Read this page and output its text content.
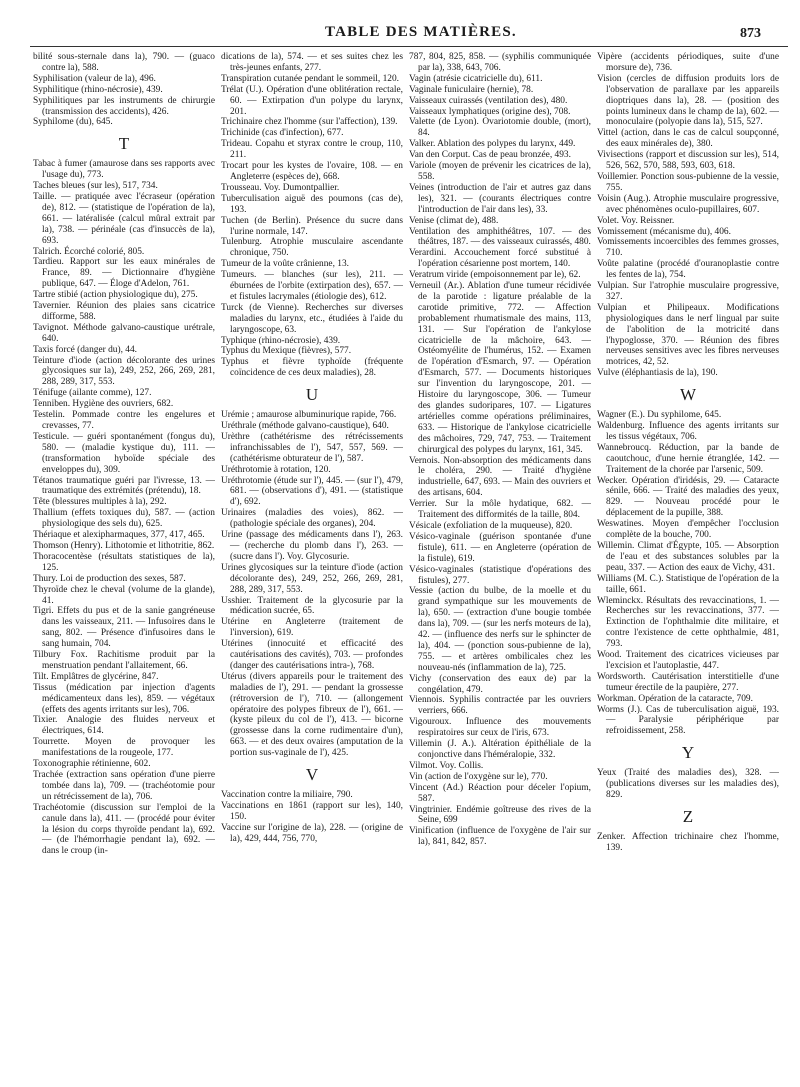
TABLE DES MATIÈRES.	873
bilité sous-sternale dans la), 790. — (guaco contre la), 588.
Syphilisation (valeur de la), 496.
Syphilitique (rhino-nécrosie), 439.
Syphilitiques par les instruments de chirurgie (transmission des accidents), 426.
Syphilome (du), 645.
T
Tabac à fumer (amaurose dans ses rapports avec l'usage du), 773.
Taches bleues (sur les), 517, 734.
Taille. — pratiquée avec l'écraseur (opération de), 812. — (statistique de l'opération de la), 661. — latéralisée (calcul mûral extrait par la), 738. — périnéale (cas d'insuccès de la), 693.
Talrich. Écorché colorié, 805.
Tardieu. Rapport sur les eaux minérales de France, 89. — Dictionnaire d'hygiène publique, 647. — Éloge d'Adelon, 761.
Tartre stibié (action physiologique du), 275.
Tavernier. Réunion des plaies sans cicatrice difforme, 588.
Tavignot. Méthode galvano-caustique urétrale, 640.
Taxis forcé (danger du), 44.
Teinture d'iode (action décolorante des urines glycosiques sur la), 249, 252, 266, 269, 281, 288, 289, 317, 553.
Ténifuge (ailante comme), 127.
Tenniben. Hygiène des ouvriers, 682.
Testelin. Pommade contre les engelures et crevasses, 77.
Testicule. — guéri spontanément (fongus du), 580. — (maladie kystique du), 111. — (transformation hyboïde spéciale des enveloppes du), 309.
Tétanos traumatique guéri par l'ivresse, 13. — traumatique des extrémités (prétendu), 18.
Tête (blessures multiples à la), 292.
Thallium (effets toxiques du), 587. — (action physiologique des sels du), 625.
Thériaque et alexipharmaques, 377, 417, 465.
Thomson (Henry). Lithotomie et lithotritie, 862.
Thoracocentèse (résultats statistiques de la), 125.
Thury. Loi de production des sexes, 587.
Thyroïde chez le cheval (volume de la glande), 41.
Tigri. Effets du pus et de la sanie gangréneuse dans les vaisseaux, 211. — Infusoires dans le sang, 802. — Présence d'infusoires dans le sang humain, 704.
Tilbury Fox. Rachitisme produit par la menstruation pendant l'allaitement, 66.
Tilt. Emplâtres de glycérine, 847.
Tissus (médication par injection d'agents médicamenteux dans les), 859. — végétaux (effets des agents irritants sur les), 706.
Tixier. Analogie des fluides nerveux et électriques, 614.
Tourrette. Moyen de provoquer les manifestations de la rougeole, 177.
Toxonographie rétinienne, 602.
Trachée (extraction sans opération d'une pierre tombée dans la), 709. — (trachéotomie pour un rétrécissement de la), 706.
Trachéotomie (discussion sur l'emploi de la canule dans la), 411. — (procédé pour éviter la lésion du corps thyroïde pendant la), 692. — (de l'hémorrhagie pendant la), 692. — dans le croup (in-
dications de la), 574. — et ses suites chez les très-jeunes enfants, 277.
Transpiration cutanée pendant le sommeil, 120.
Trélat (U.). Opération d'une oblitération rectale, 60. — Extirpation d'un polype du larynx, 201.
Trichinaire chez l'homme (sur l'affection), 139.
Trichinide (cas d'infection), 677.
Trideau. Copahu et styrax contre le croup, 110, 211.
Trocart pour les kystes de l'ovaire, 108. — en Angleterre (espèces de), 668.
Trousseau. Voy. Dumontpallier.
Tuberculisation aiguë des poumons (cas de), 193.
Tuchen (de Berlin). Présence du sucre dans l'urine normale, 147.
Tulenburg. Atrophie musculaire ascendante chronique, 750.
Tumeur de la voûte crânienne, 13.
Tumeurs. — blanches (sur les), 211. — éburnées de l'orbite (extirpation des), 657. — et fistules lacrymales (étiologie des), 612.
Turck (de Vienne). Recherches sur diverses maladies du larynx, etc., étudiées à l'aide du laryngoscope, 63.
Typhique (rhino-nécrosie), 439.
Typhus du Mexique (fièvres), 577.
Typhus et fièvre typhoïde (fréquente coïncidence de ces deux maladies), 28.
U
Urémie ; amaurose albuminurique rapide, 766.
Uréthrale (méthode galvano-caustique), 640.
Urèthre (cathétérisme des rétrécissements infranchissables de l'), 547, 557, 569. — (cathétérisme obturateur de l'), 587.
Uréthrotomie à rotation, 120.
Uréthrotomie (étude sur l'), 445. — (sur l'), 479, 681. — (observations d'), 491. — (statistique d'), 692.
Urinaires (maladies des voies), 862. — (pathologie spéciale des organes), 204.
Urine (passage des médicaments dans l'), 263. — (recherche du plomb dans l'), 263. — (sucre dans l'). Voy. Glycosurie.
Urines glycosiques sur la teinture d'iode (action décolorante des), 249, 252, 266, 269, 281, 288, 289, 317, 553.
Usshier. Traitement de la glycosurie par la médication sucrée, 65.
Utérine en Angleterre (traitement de l'inversion), 619.
Utérines (innocuité et efficacité des cautérisations des cavités), 703. — profondes (danger des cautérisations intra-), 768.
Utérus (divers appareils pour le traitement des maladies de l'), 291. — pendant la grossesse (rétroversion de l'), 710. — (allongement opératoire des polypes fibreux de l'), 661. — (kyste pileux du col de l'), 413. — bicorne (grossesse dans la corne rudimentaire d'un), 663. — et des deux ovaires (amputation de la portion sus-vaginale de l'), 425.
V
Vaccination contre la miliaire, 790.
Vaccinations en 1861 (rapport sur les), 140, 150.
Vaccine sur l'origine de la), 228. — (origine de la), 429, 444, 756, 770,
787, 804, 825, 858. — (syphilis communiquée par la), 338, 643, 706.
Vagin (atrésie cicatricielle du), 611.
Vaginale funiculaire (hernie), 78.
Vaisseaux cuirassés (ventilation des), 480.
Vaisseaux lymphatiques (origine des), 708.
Valette (de Lyon). Ovariotomie double, (mort), 84.
Valker. Ablation des polypes du larynx, 449.
Van den Corput. Cas de peau bronzée, 493.
Variole (moyen de prévenir les cicatrices de la), 558.
Veines (introduction de l'air et autres gaz dans les), 321. — (courants électriques contre l'introduction de l'air dans les), 33.
Venise (climat de), 488.
Ventilation des amphithéâtres, 107. — des théâtres, 187. — des vaisseaux cuirassés, 480.
Verardini. Accouchement forcé substitué à l'opération césarienne post mortem, 140.
Veratrum viride (empoisonnement par le), 62.
Verneuil (Ar.). Ablation d'une tumeur récidivée de la parotide : ligature préalable de la carotide primitive, 772. — Affection probablement rhumatismale des mains, 113, 131. — Sur l'opération de l'ankylose cicatricielle de la mâchoire, 643. — Ostéomyélite de l'humérus, 152. — Examen de l'opération d'Esmarch, 97. — Opération d'Esmarch, 577. — Documents historiques sur l'invention du laryngoscope, 201. — Histoire du laryngoscope, 306. — Tumeur des glandes sudoripares, 107. — Ligatures artérielles comme opérations préliminaires, 633. — Historique de l'ankylose cicatricielle des mâchoires, 729, 747, 753. — Traitement chirurgical des polypes du larynx, 161, 345.
Vernois. Non-absorption des médicaments dans le choléra, 290. — Traité d'hygiène industrielle, 647, 693. — Main des ouvriers et des artisans, 604.
Verrier. Sur la môle hydatique, 682. — Traitement des difformités de la taille, 804.
Vésicale (exfoliation de la muqueuse), 820.
Vésico-vaginale (guérison spontanée d'une fistule), 611. — en Angleterre (opération de la fistule), 619.
Vésico-vaginales (statistique d'opérations des fistules), 277.
Vessie (action du bulbe, de la moelle et du grand sympathique sur les mouvements de la), 650. — (extraction d'une bougie tombée dans la), 709. — (sur les nerfs moteurs de la), 42. — (influence des nerfs sur le sphincter de la), 404. — (ponction sous-pubienne de la), 755. — et artères ombilicales chez les nouveau-nés (inflammation de la), 725.
Vichy (conservation des eaux de) par la congélation, 479.
Viennois. Syphilis contractée par les ouvriers verriers, 666.
Vigouroux. Influence des mouvements respiratoires sur ceux de l'iris, 673.
Villemin (J. A.). Altération épithéliale de la conjonctive dans l'héméralopie, 332.
Vilmot. Voy. Collis.
Vin (action de l'oxygène sur le), 770.
Vincent (Ad.) Réaction pour déceler l'opium, 587.
Vingtrinier. Endémie goîtreuse des rives de la Seine, 699
Vinification (influence de l'oxygène de l'air sur la), 841, 842, 857.
Vipère (accidents périodiques, suite d'une morsure de), 736.
Vision (cercles de diffusion produits lors de l'observation de parallaxe par les appareils dioptriques dans la), 28. — (position des points lumineux dans le champ de la), 602. — monoculaire (polyopie dans la), 515, 527.
Vittel (action, dans le cas de calcul soupçonné, des eaux minérales de), 380.
Vivisections (rapport et discussion sur les), 514, 526, 562, 570, 588, 593, 603, 618.
Voillemier. Ponction sous-pubienne de la vessie, 755.
Voisin (Aug.). Atrophie musculaire progressive, avec phénomènes oculo-pupillaires, 607.
Volet. Voy. Reissner.
Vomissement (mécanisme du), 406.
Vomissements incoercibles des femmes grosses, 710.
Voûte palatine (procédé d'ouranoplastie contre les fentes de la), 754.
Vulpian. Sur l'atrophie musculaire progressive, 327.
Vulpian et Philipeaux. Modifications physiologiques dans le nerf lingual par suite de l'abolition de la motricité dans l'hypoglosse, 370. — Réunion des fibres nerveuses sensitives avec les fibres nerveuses motrices, 42, 52.
Vulve (éléphantiasis de la), 190.
W
Wagner (E.). Du syphilome, 645.
Waldenburg. Influence des agents irritants sur les tissus végétaux, 706.
Wannebroucq. Réduction, par la bande de caoutchouc, d'une hernie étranglée, 142. — Traitement de la chorée par l'arsenic, 509.
Wecker. Opération d'iridésis, 29. — Cataracte sénile, 666. — Traité des maladies des yeux, 829. — Nouveau procédé pour le déplacement de la pupille, 388.
Weswatines. Moyen d'empêcher l'occlusion complète de la bouche, 700.
Willemin. Climat d'Égypte, 105. — Absorption de l'eau et des substances solubles par la peau, 337. — Action des eaux de Vichy, 431.
Williams (M. C.). Statistique de l'opération de la taille, 661.
Wleminckx. Résultats des revaccinations, 1. — Recherches sur les revaccinations, 377. — Extinction de l'ophthalmie dite militaire, et contre l'existence de cette ophthalmie, 481, 793.
Wood. Traitement des cicatrices vicieuses par l'excision et l'autoplastie, 447.
Wordsworth. Cautérisation interstitielle d'une tumeur érectile de la paupière, 277.
Workman. Opération de la cataracte, 709.
Worms (J.). Cas de tuberculisation aiguë, 193. — Paralysie périphérique par refroidissement, 258.
Y
Yeux (Traité des maladies des), 328. — (publications diverses sur les maladies des), 829.
Z
Zenker. Affection trichinaire chez l'homme, 139.
